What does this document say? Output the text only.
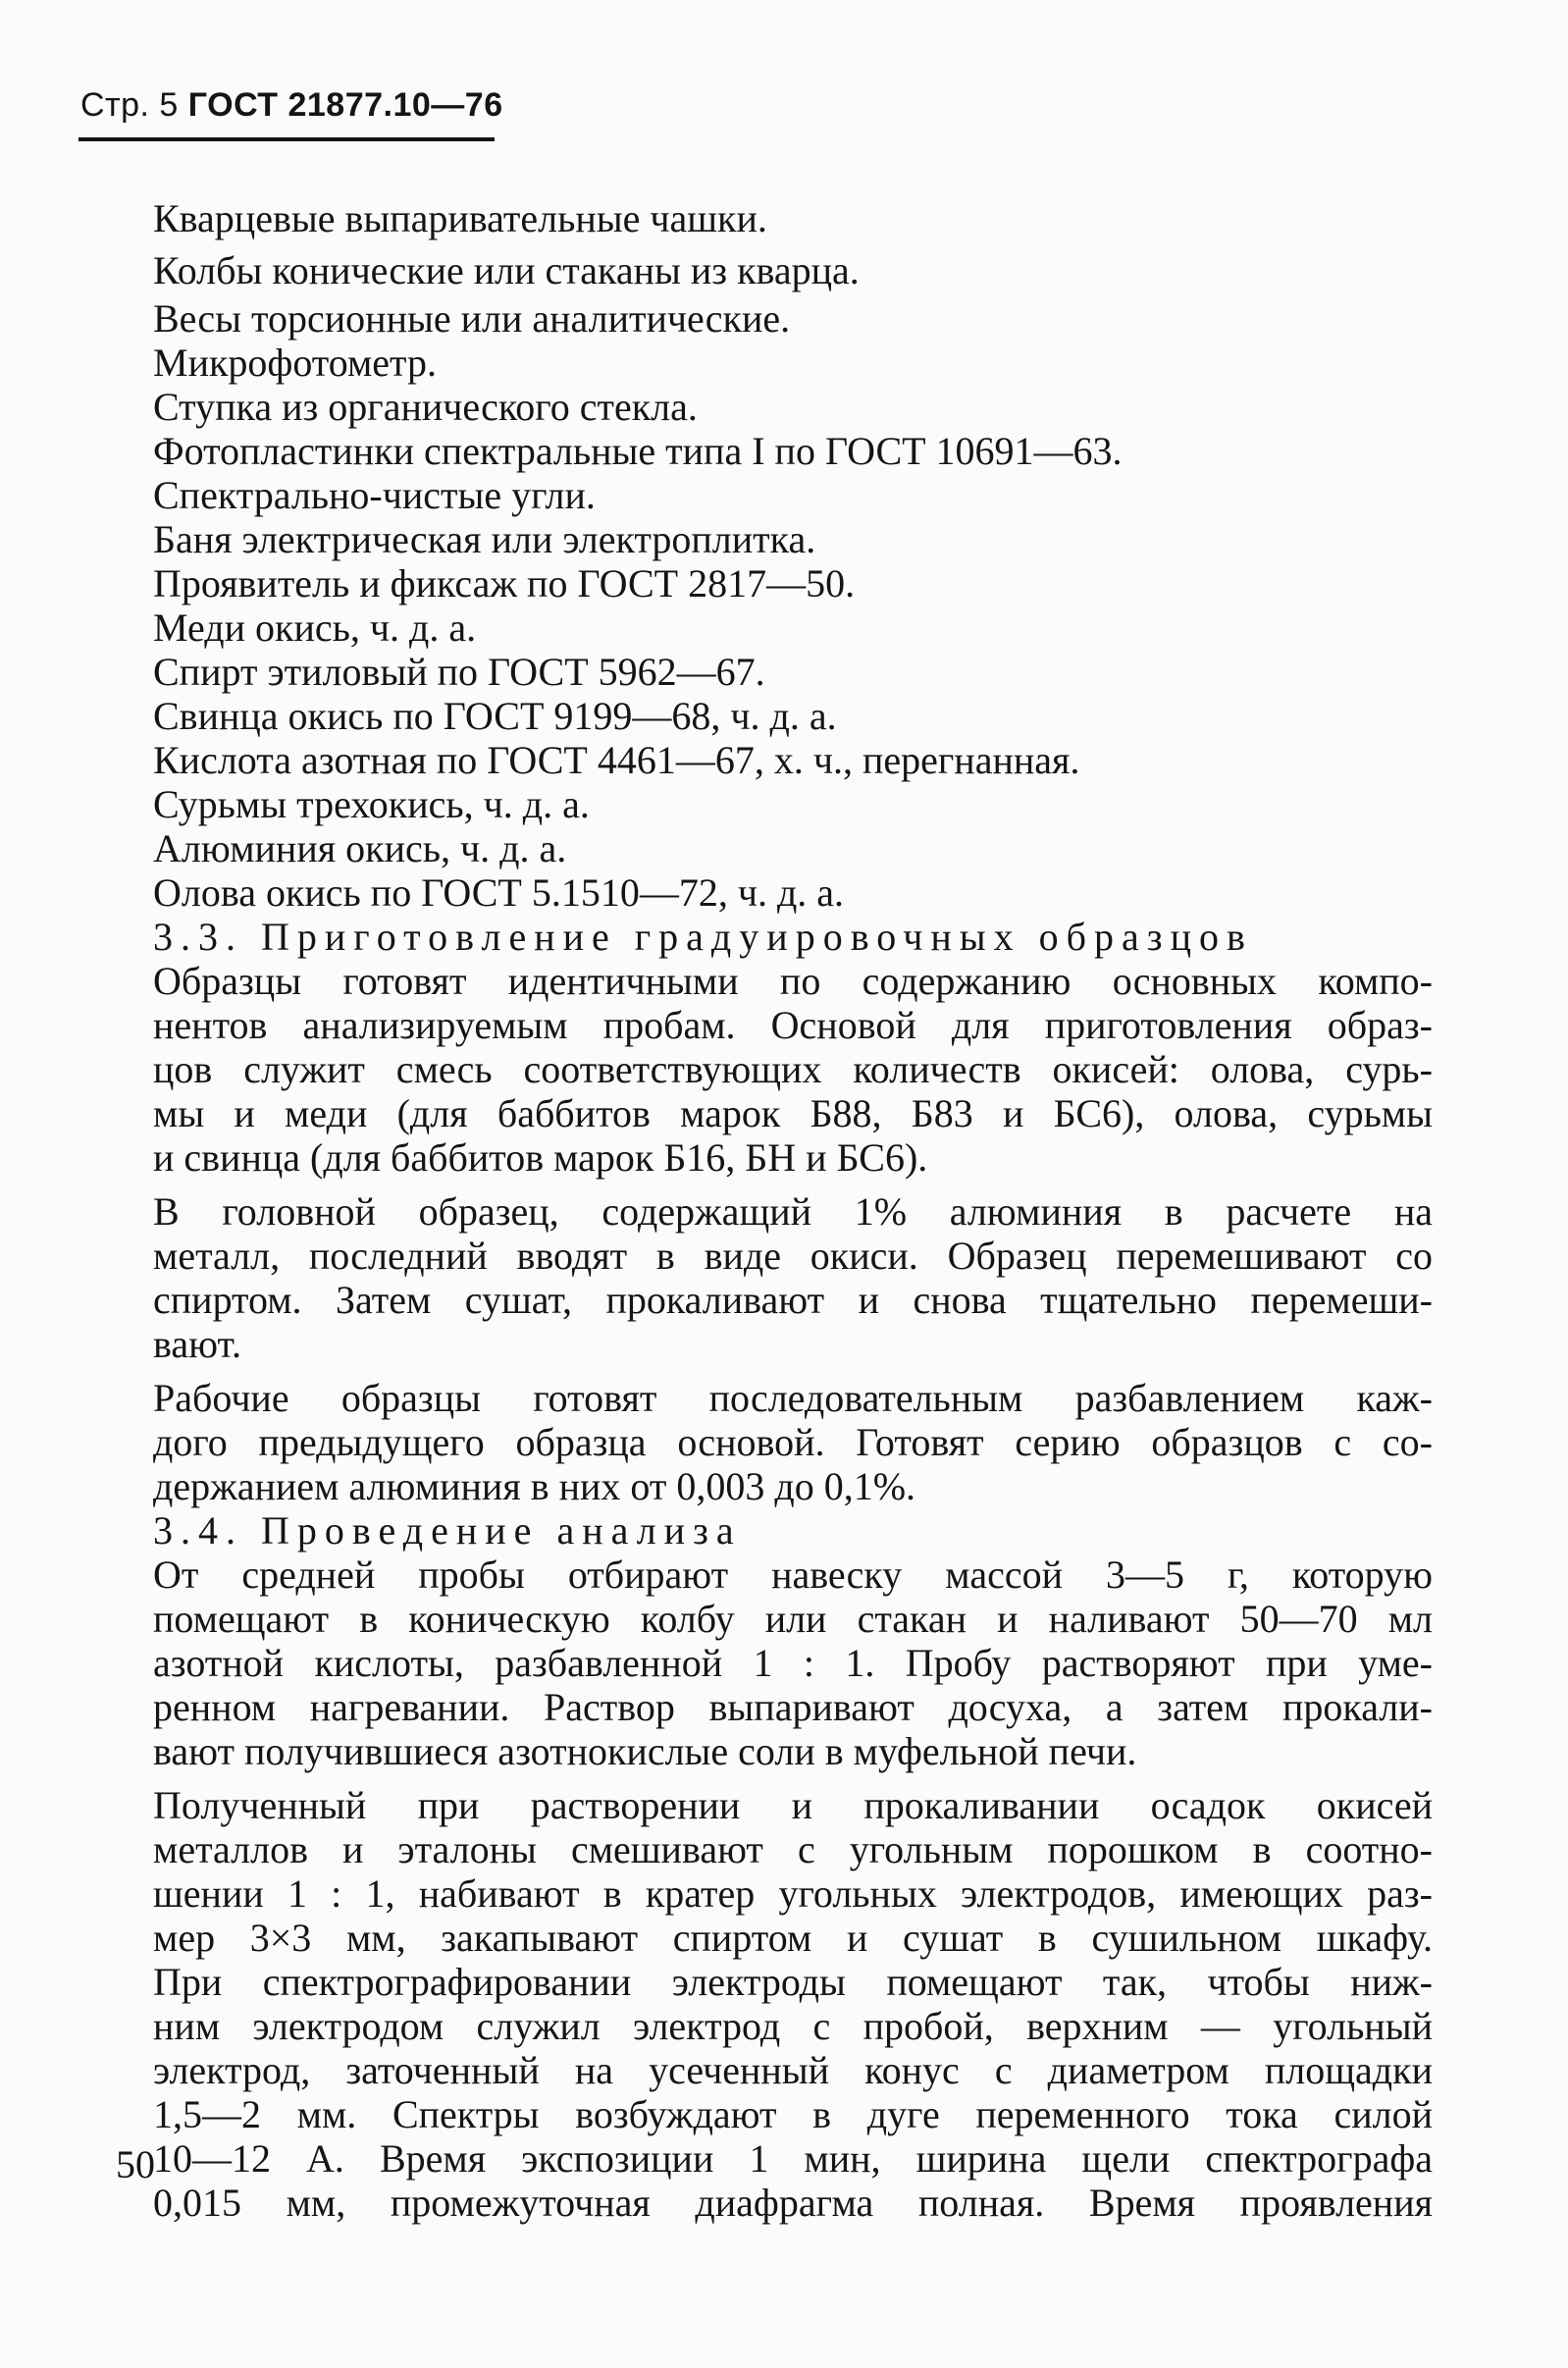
Стр. 5 ГОСТ 21877.10—76
Кварцевые выпаривательные чашки.
Колбы конические или стаканы из кварца.
Весы торсионные или аналитические.
Микрофотометр.
Ступка из органического стекла.
Фотопластинки спектральные типа I по ГОСТ 10691—63.
Спектрально-чистые угли.
Баня электрическая или электроплитка.
Проявитель и фиксаж по ГОСТ 2817—50.
Меди окись, ч. д. а.
Спирт этиловый по ГОСТ 5962—67.
Свинца окись по ГОСТ 9199—68, ч. д. а.
Кислота азотная по ГОСТ 4461—67, х. ч., перегнанная.
Сурьмы трехокись, ч. д. а.
Алюминия окись, ч. д. а.
Олова окись по ГОСТ 5.1510—72, ч. д. а.
3.3. Приготовление градуировочных образцов
Образцы готовят идентичными по содержанию основных компо-
нентов анализируемым пробам. Основой для приготовления образ-
цов служит смесь соответствующих количеств окисей: олова, сурь-
мы и меди (для баббитов марок Б88, Б83 и БС6), олова, сурьмы
и свинца (для баббитов марок Б16, БН и БС6).
В головной образец, содержащий 1% алюминия в расчете на
металл, последний вводят в виде окиси. Образец перемешивают со
спиртом. Затем сушат, прокаливают и снова тщательно перемеши-
вают.
Рабочие образцы готовят последовательным разбавлением каж-
дого предыдущего образца основой. Готовят серию образцов с со-
держанием алюминия в них от 0,003 до 0,1%.
3.4. Проведение анализа
От средней пробы отбирают навеску массой 3—5 г, которую
помещают в коническую колбу или стакан и наливают 50—70 мл
азотной кислоты, разбавленной 1 : 1. Пробу растворяют при уме-
ренном нагревании. Раствор выпаривают досуха, а затем прокали-
вают получившиеся азотнокислые соли в муфельной печи.
Полученный при растворении и прокаливании осадок окисей
металлов и эталоны смешивают с угольным порошком в соотно-
шении 1 : 1, набивают в кратер угольных электродов, имеющих раз-
мер 3×3 мм, закапывают спиртом и сушат в сушильном шкафу.
При спектрографировании электроды помещают так, чтобы ниж-
ним электродом служил электрод с пробой, верхним — угольный
электрод, заточенный на усеченный конус с диаметром площадки
1,5—2 мм. Спектры возбуждают в дуге переменного тока силой
10—12 А. Время экспозиции 1 мин, ширина щели спектрографа
0,015 мм, промежуточная диафрагма полная. Время проявления
50
